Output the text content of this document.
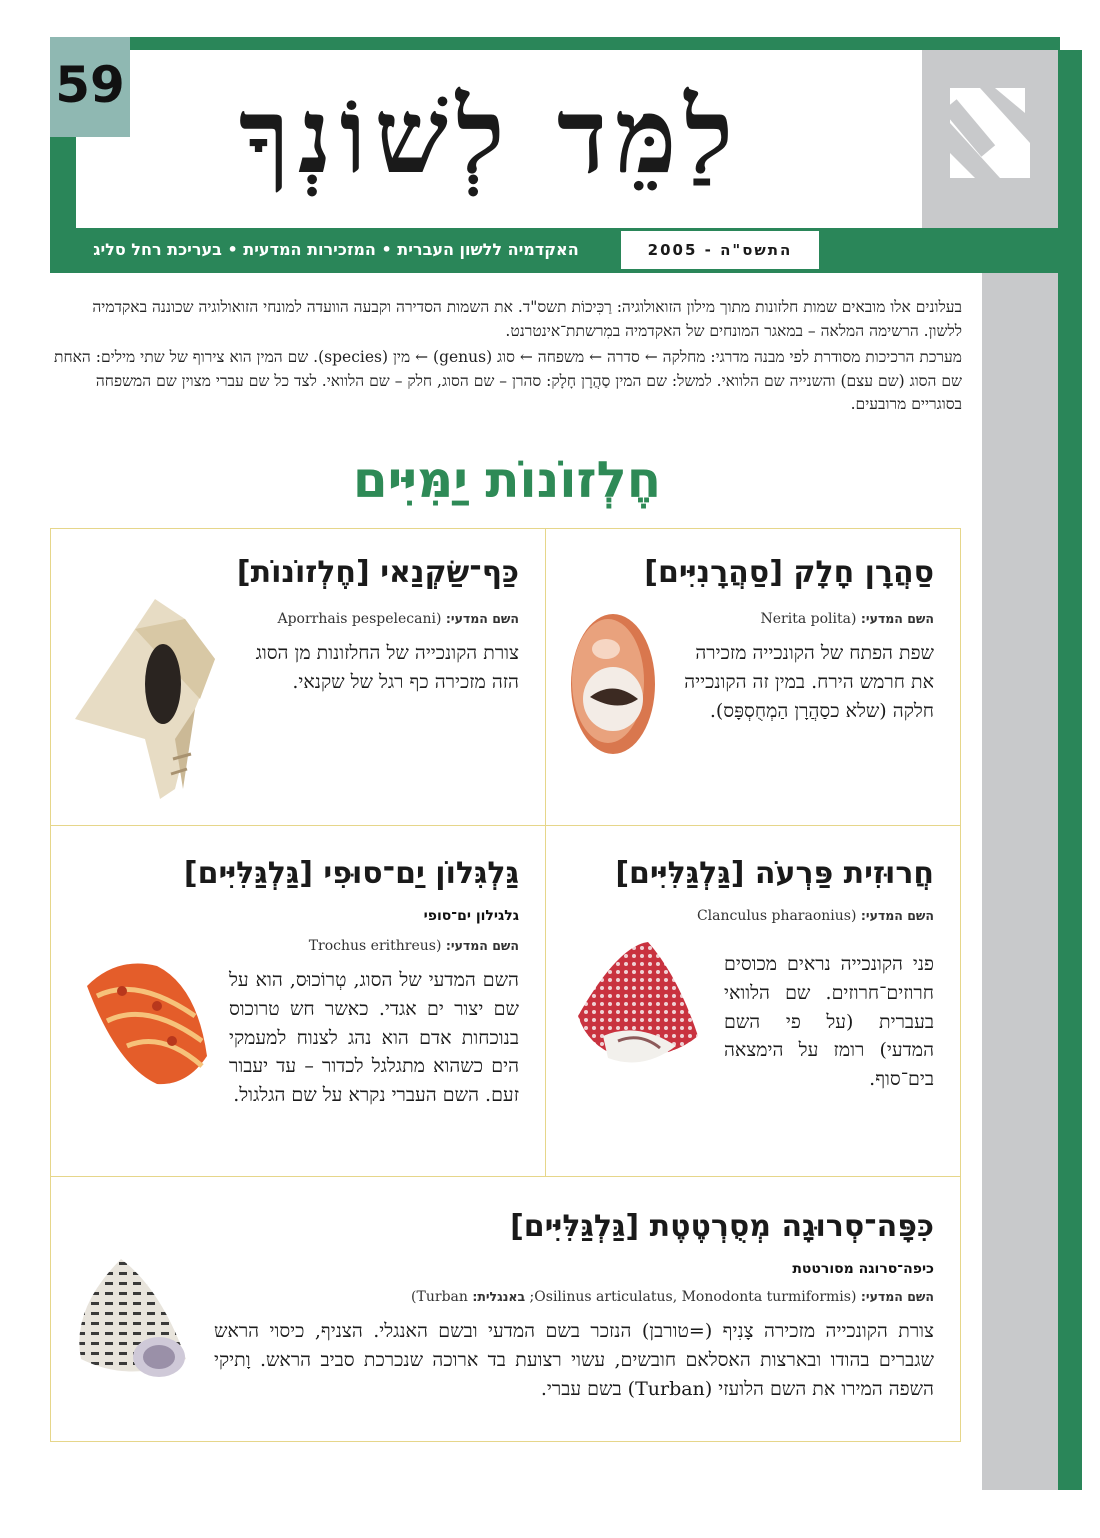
59	לַמֵּד לְשׁוֹנְךָ
האקדמיה ללשון העברית • המזכירות המדעית • בעריכת רחל סליג	התשס"ה - 2005
בעלונים אלו מובאים שמות חלזונות מתוך מילון הזואולוגיה: רַכִּיכוֹת תשס"ד. את השמות הסדירה וקבעה הוועדה למונחי הזואולוגיה שכוננה באקדמיה ללשון. הרשימה המלאה – במאגר המונחים של האקדמיה במִרשתת־אינטרנט.
מערכת הרכיכות מסודרת לפי מבנה מדרגי: מחלקה ← סדרה ← משפחה ← סוג (genus) ← מין (species). שם המין הוא צירוף של שתי מילים: האחת שם הסוג (שם עצם) והשנייה שם הלוואי. למשל: שם המין סַהֲרָן חָלָק: סהרן – שם הסוג, חלק – שם הלוואי. לצד כל שם עברי מצוין שם המשפחה בסוגריים מרובעים.
חֶלְזוֹנוֹת יַמִּיִּים
סַהֲרָן חָלָק [סַהֲרָנִיִּים]
השם המדעי: (Nerita polita
שפת הפתח של הקונכייה מזכירה את חרמש הירח. במין זה הקונכייה חלקה (שלא כסַהֲרָן הַמְחֻסְפָּס).
כַּף־שַׂקְנַאי [חֶלְזוֹנוֹת]
השם המדעי: (Aporrhais pespelecani
צורת הקונכייה של החלזונות מן הסוג הזה מזכירה כף רגל של שקנאי.
חֲרוּזִית פַּרְעֹה [גַּלְגַּלִּיִּים]
השם המדעי: (Clanculus pharaonius
פני הקונכייה נראים מכוסים חרוזים־חרוזים. שם הלוואי בעברית (על פי השם המדעי) רומז על הימצאה בים־סוף.
גַּלְגִּלוֹן יַם־סוּפִי [גַּלְגַּלִּיִּים]
גלגילון ים־סופי
השם המדעי: (Trochus erithreus
השם המדעי של הסוג, טְרוֹכוּס, הוא על שם יצור ים אגדי. כאשר חש טרוכוס בנוכחות אדם הוא נהג לצנוח למעמקי הים כשהוא מתגלגל לכדור – עד יעבור זעם. השם העברי נקרא על שם הגלגול.
כִּפָּה־סְרוּגָה מְסֻרְטֶטֶת [גַּלְגַּלִּיִּים]
כיפה־סרוגה מסורטטת
השם המדעי: (Osilinus articulatus, Monodonta turmiformis; באנגלית: Turban)
צורת הקונכייה מזכירה צָנִיף (=טורבן) הנזכר בשם המדעי ובשם האנגלי. הצניף, כיסוי הראש שגברים בהודו ובארצות האסלאם חובשים, עשוי רצועת בד ארוכה שנכרכת סביב הראש. וָתיקי השפה המירו את השם הלועזי (Turban) בשם עברי.
